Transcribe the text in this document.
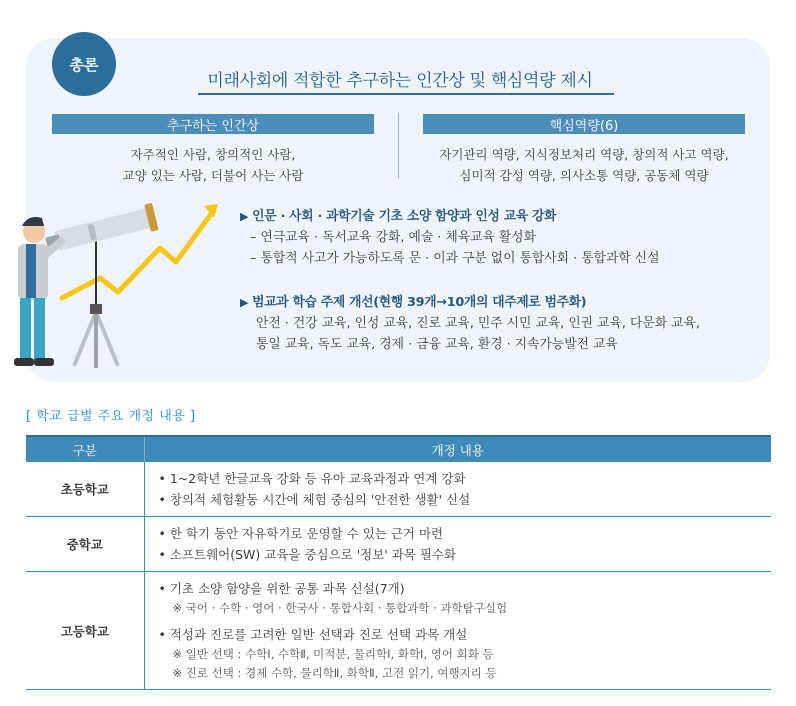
총론
미래사회에 적합한 추구하는 인간상 및 핵심역량 제시
추구하는 인간상
자주적인 사람, 창의적인 사람,
교양 있는 사람, 더불어 사는 사람
핵심역량(6)
자기관리 역량, 지식정보처리 역량, 창의적 사고 역량,
심미적 감성 역량, 의사소통 역량, 공동체 역량
▶ 인문 · 사회 · 과학기술 기초 소양 함양과 인성 교육 강화
– 연극교육 · 독서교육 강화, 예술 · 체육교육 활성화
– 통합적 사고가 가능하도록 문 · 이과 구분 없이 통합사회 · 통합과학 신설
▶ 범교과 학습 주제 개선(현행 39개→10개의 대주제로 범주화)
안전 · 건강 교육, 인성 교육, 진로 교육, 민주 시민 교육, 인권 교육, 다문화 교육,
통일 교육, 독도 교육, 경제 · 금융 교육, 환경 · 지속가능발전 교육
[ 학교 급별 주요 개정 내용 ]
구분	개정 내용
초등학교	• 1~2학년 한글교육 강화 등 유아 교육과정과 연계 강화
• 창의적 체험활동 시간에 체험 중심의 '안전한 생활' 신설

중학교	• 한 학기 동안 자유학기로 운영할 수 있는 근거 마련
• 소프트웨어(SW) 교육을 중심으로 '정보' 과목 필수화

고등학교	• 기초 소양 함양을 위한 공통 과목 신설(7개)
※ 국어 · 수학 · 영어 · 한국사 · 통합사회 · 통합과학 · 과학탐구실험
• 적성과 진로를 고려한 일반 선택과 진로 선택 과목 개설
※ 일반 선택 : 수학Ⅰ, 수학Ⅱ, 미적분, 물리학Ⅰ, 화학Ⅰ, 영어 회화 등
※ 진로 선택 : 경제 수학, 물리학Ⅱ, 화학Ⅱ, 고전 읽기, 여행지리 등
